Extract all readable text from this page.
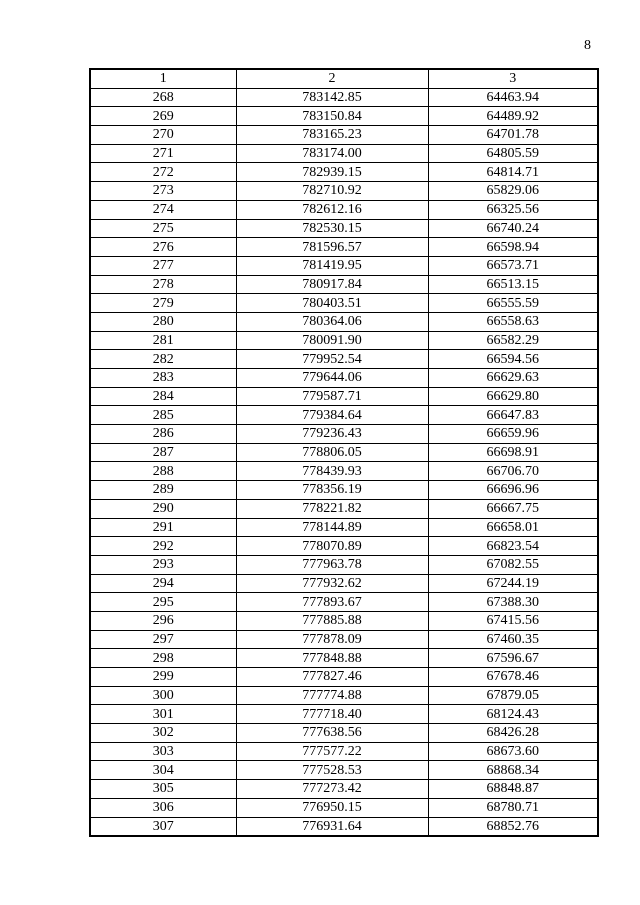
8
1	2	3
268	783142.85	64463.94
269	783150.84	64489.92
270	783165.23	64701.78
271	783174.00	64805.59
272	782939.15	64814.71
273	782710.92	65829.06
274	782612.16	66325.56
275	782530.15	66740.24
276	781596.57	66598.94
277	781419.95	66573.71
278	780917.84	66513.15
279	780403.51	66555.59
280	780364.06	66558.63
281	780091.90	66582.29
282	779952.54	66594.56
283	779644.06	66629.63
284	779587.71	66629.80
285	779384.64	66647.83
286	779236.43	66659.96
287	778806.05	66698.91
288	778439.93	66706.70
289	778356.19	66696.96
290	778221.82	66667.75
291	778144.89	66658.01
292	778070.89	66823.54
293	777963.78	67082.55
294	777932.62	67244.19
295	777893.67	67388.30
296	777885.88	67415.56
297	777878.09	67460.35
298	777848.88	67596.67
299	777827.46	67678.46
300	777774.88	67879.05
301	777718.40	68124.43
302	777638.56	68426.28
303	777577.22	68673.60
304	777528.53	68868.34
305	777273.42	68848.87
306	776950.15	68780.71
307	776931.64	68852.76
